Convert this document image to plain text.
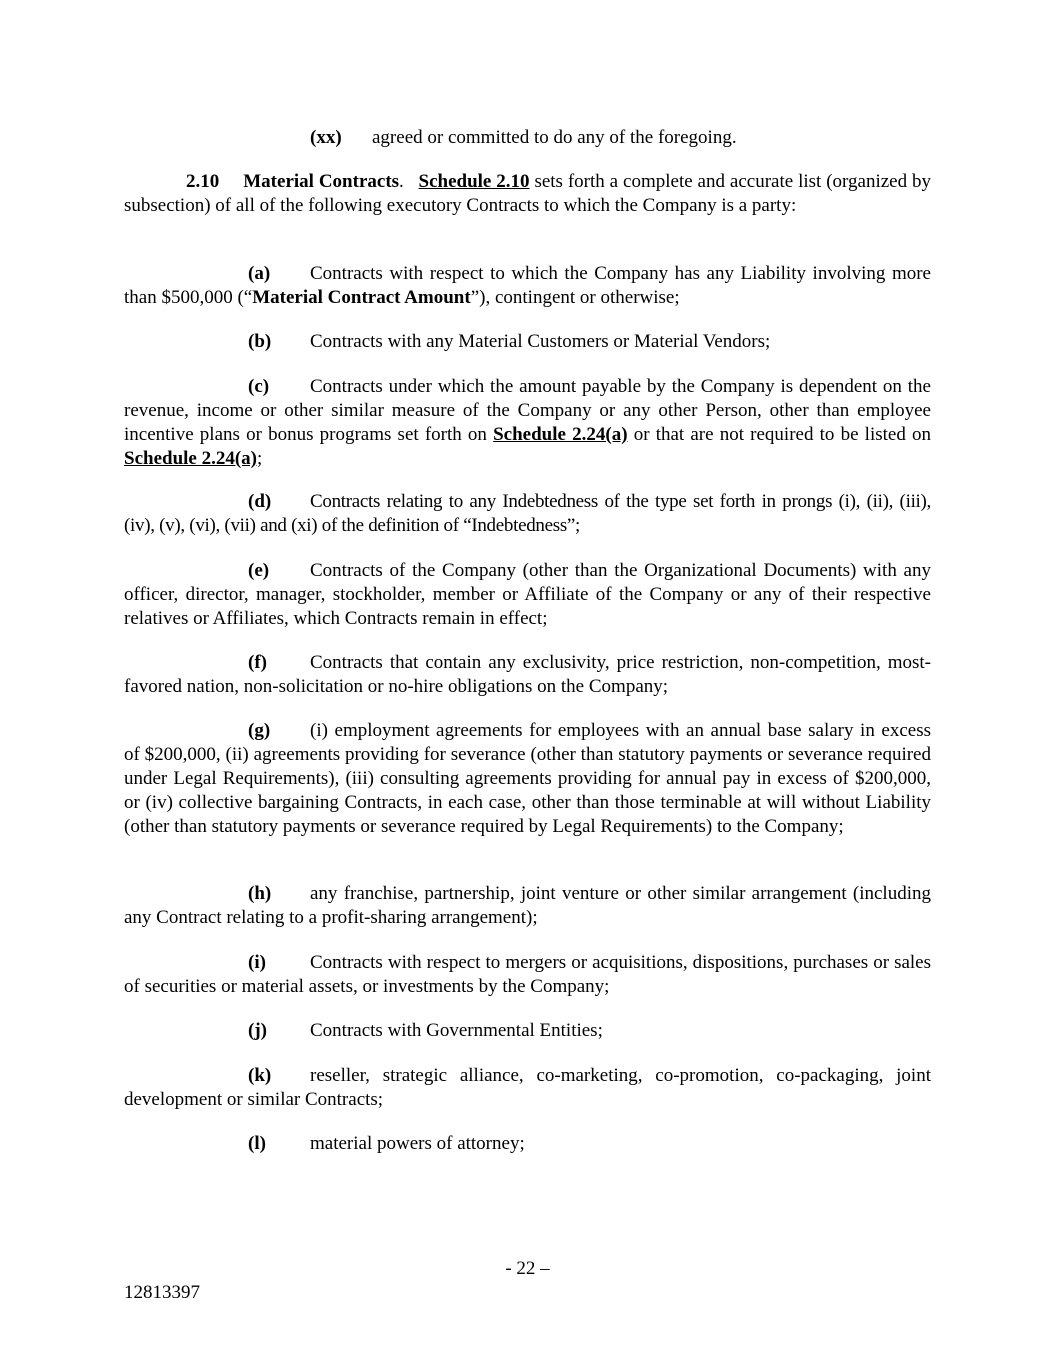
(xx) agreed or committed to do any of the foregoing.
2.10 Material Contracts. Schedule 2.10 sets forth a complete and accurate list (organized by subsection) of all of the following executory Contracts to which the Company is a party:
(a) Contracts with respect to which the Company has any Liability involving more than $500,000 (“Material Contract Amount”), contingent or otherwise;
(b) Contracts with any Material Customers or Material Vendors;
(c) Contracts under which the amount payable by the Company is dependent on the revenue, income or other similar measure of the Company or any other Person, other than employee incentive plans or bonus programs set forth on Schedule 2.24(a) or that are not required to be listed on Schedule 2.24(a);
(d) Contracts relating to any Indebtedness of the type set forth in prongs (i), (ii), (iii), (iv), (v), (vi), (vii) and (xi) of the definition of “Indebtedness”;
(e) Contracts of the Company (other than the Organizational Documents) with any officer, director, manager, stockholder, member or Affiliate of the Company or any of their respective relatives or Affiliates, which Contracts remain in effect;
(f) Contracts that contain any exclusivity, price restriction, non-competition, most-favored nation, non-solicitation or no-hire obligations on the Company;
(g) (i) employment agreements for employees with an annual base salary in excess of $200,000, (ii) agreements providing for severance (other than statutory payments or severance required under Legal Requirements), (iii) consulting agreements providing for annual pay in excess of $200,000, or (iv) collective bargaining Contracts, in each case, other than those terminable at will without Liability (other than statutory payments or severance required by Legal Requirements) to the Company;
(h) any franchise, partnership, joint venture or other similar arrangement (including any Contract relating to a profit-sharing arrangement);
(i) Contracts with respect to mergers or acquisitions, dispositions, purchases or sales of securities or material assets, or investments by the Company;
(j) Contracts with Governmental Entities;
(k) reseller, strategic alliance, co-marketing, co-promotion, co-packaging, joint development or similar Contracts;
(l) material powers of attorney;
- 22 –
12813397
